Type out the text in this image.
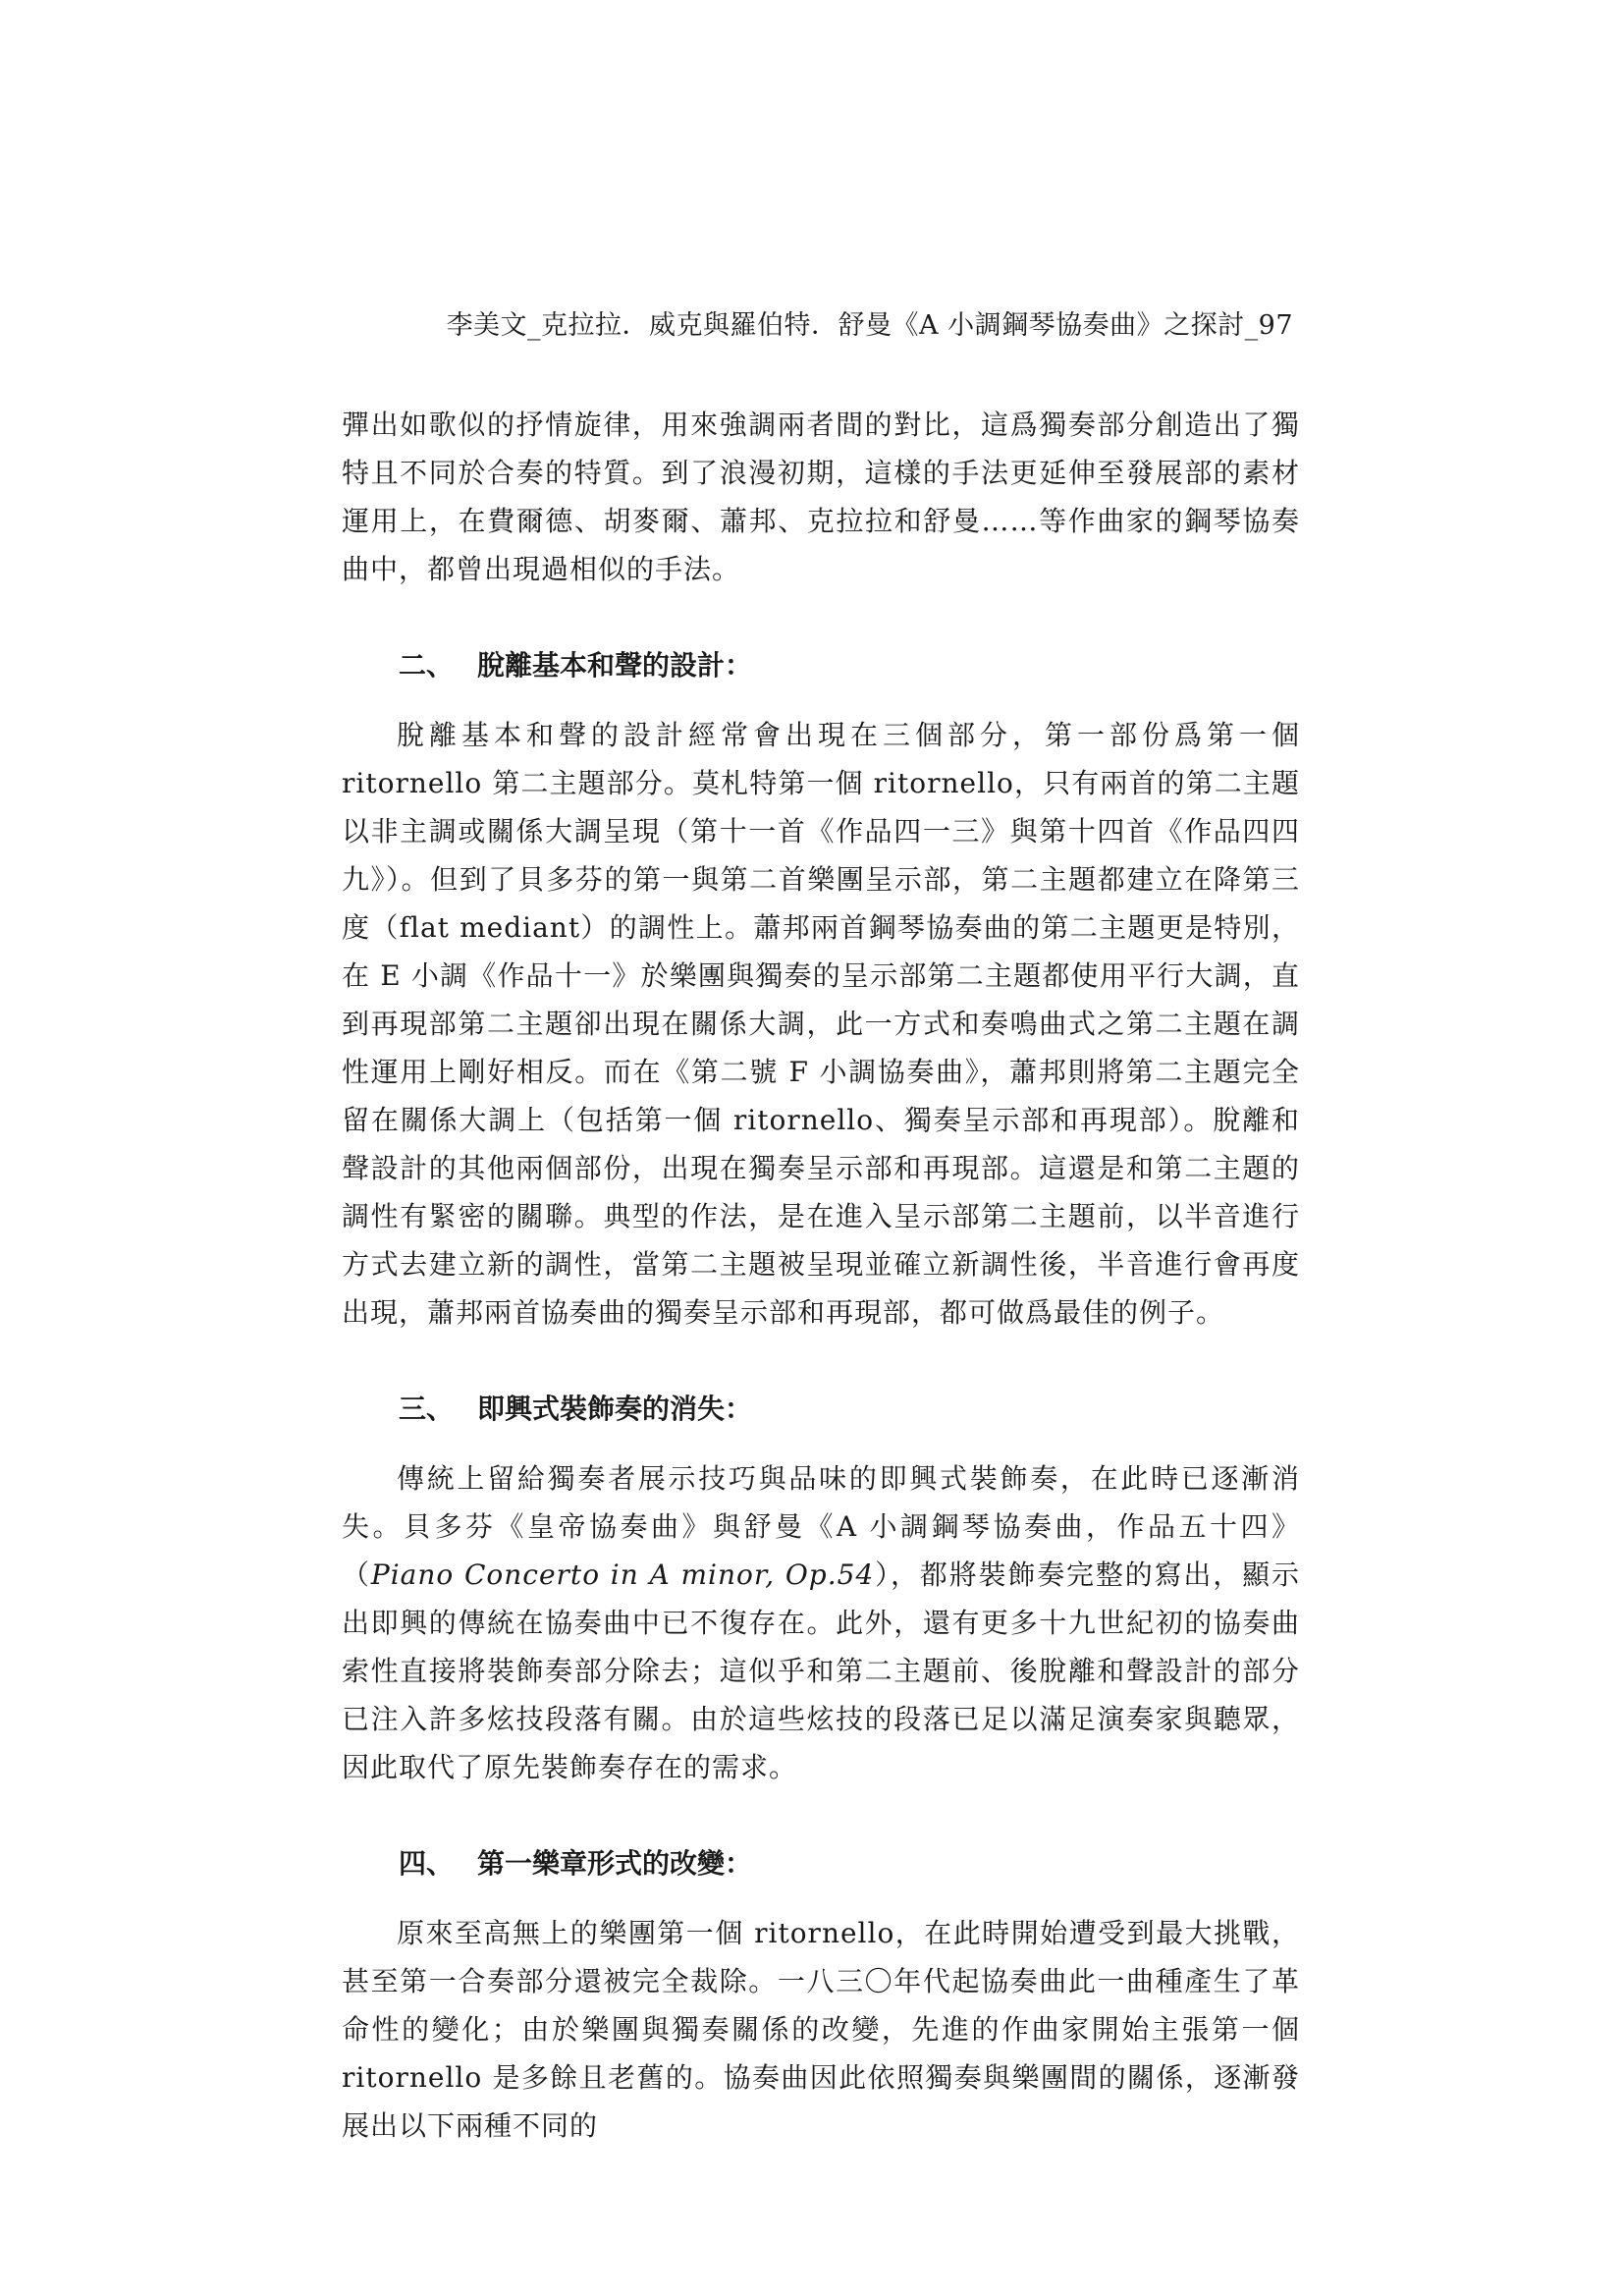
李美文_克拉拉．威克與羅伯特．舒曼《A 小調鋼琴協奏曲》之探討_97

彈出如歌似的抒情旋律，用來強調兩者間的對比，這爲獨奏部分創造出了獨特且不同於合奏的特質。到了浪漫初期，這樣的手法更延伸至發展部的素材運用上，在費爾德、胡麥爾、蕭邦、克拉拉和舒曼……等作曲家的鋼琴協奏曲中，都曾出現過相似的手法。

二、 脫離基本和聲的設計：

脫離基本和聲的設計經常會出現在三個部分，第一部份爲第一個 ritornello 第二主題部分。莫札特第一個 ritornello，只有兩首的第二主題以非主調或關係大調呈現（第十一首《作品四一三》與第十四首《作品四四九》）。但到了貝多芬的第一與第二首樂團呈示部，第二主題都建立在降第三度（flat mediant）的調性上。蕭邦兩首鋼琴協奏曲的第二主題更是特別，在 E 小調《作品十一》於樂團與獨奏的呈示部第二主題都使用平行大調，直到再現部第二主題卻出現在關係大調，此一方式和奏鳴曲式之第二主題在調性運用上剛好相反。而在《第二號 F 小調協奏曲》，蕭邦則將第二主題完全留在關係大調上（包括第一個 ritornello、獨奏呈示部和再現部）。脫離和聲設計的其他兩個部份，出現在獨奏呈示部和再現部。這還是和第二主題的調性有緊密的關聯。典型的作法，是在進入呈示部第二主題前，以半音進行方式去建立新的調性，當第二主題被呈現並確立新調性後，半音進行會再度出現，蕭邦兩首協奏曲的獨奏呈示部和再現部，都可做爲最佳的例子。

三、 即興式裝飾奏的消失：

傳統上留給獨奏者展示技巧與品味的即興式裝飾奏，在此時已逐漸消失。貝多芬《皇帝協奏曲》與舒曼《A 小調鋼琴協奏曲，作品五十四》（Piano Concerto in A minor, Op.54），都將裝飾奏完整的寫出，顯示出即興的傳統在協奏曲中已不復存在。此外，還有更多十九世紀初的協奏曲索性直接將裝飾奏部分除去；這似乎和第二主題前、後脫離和聲設計的部分已注入許多炫技段落有關。由於這些炫技的段落已足以滿足演奏家與聽眾，因此取代了原先裝飾奏存在的需求。

四、 第一樂章形式的改變：

原來至高無上的樂團第一個 ritornello，在此時開始遭受到最大挑戰，甚至第一合奏部分還被完全裁除。一八三〇年代起協奏曲此一曲種產生了革命性的變化；由於樂團與獨奏關係的改變，先進的作曲家開始主張第一個 ritornello 是多餘且老舊的。協奏曲因此依照獨奏與樂團間的關係，逐漸發展出以下兩種不同的
